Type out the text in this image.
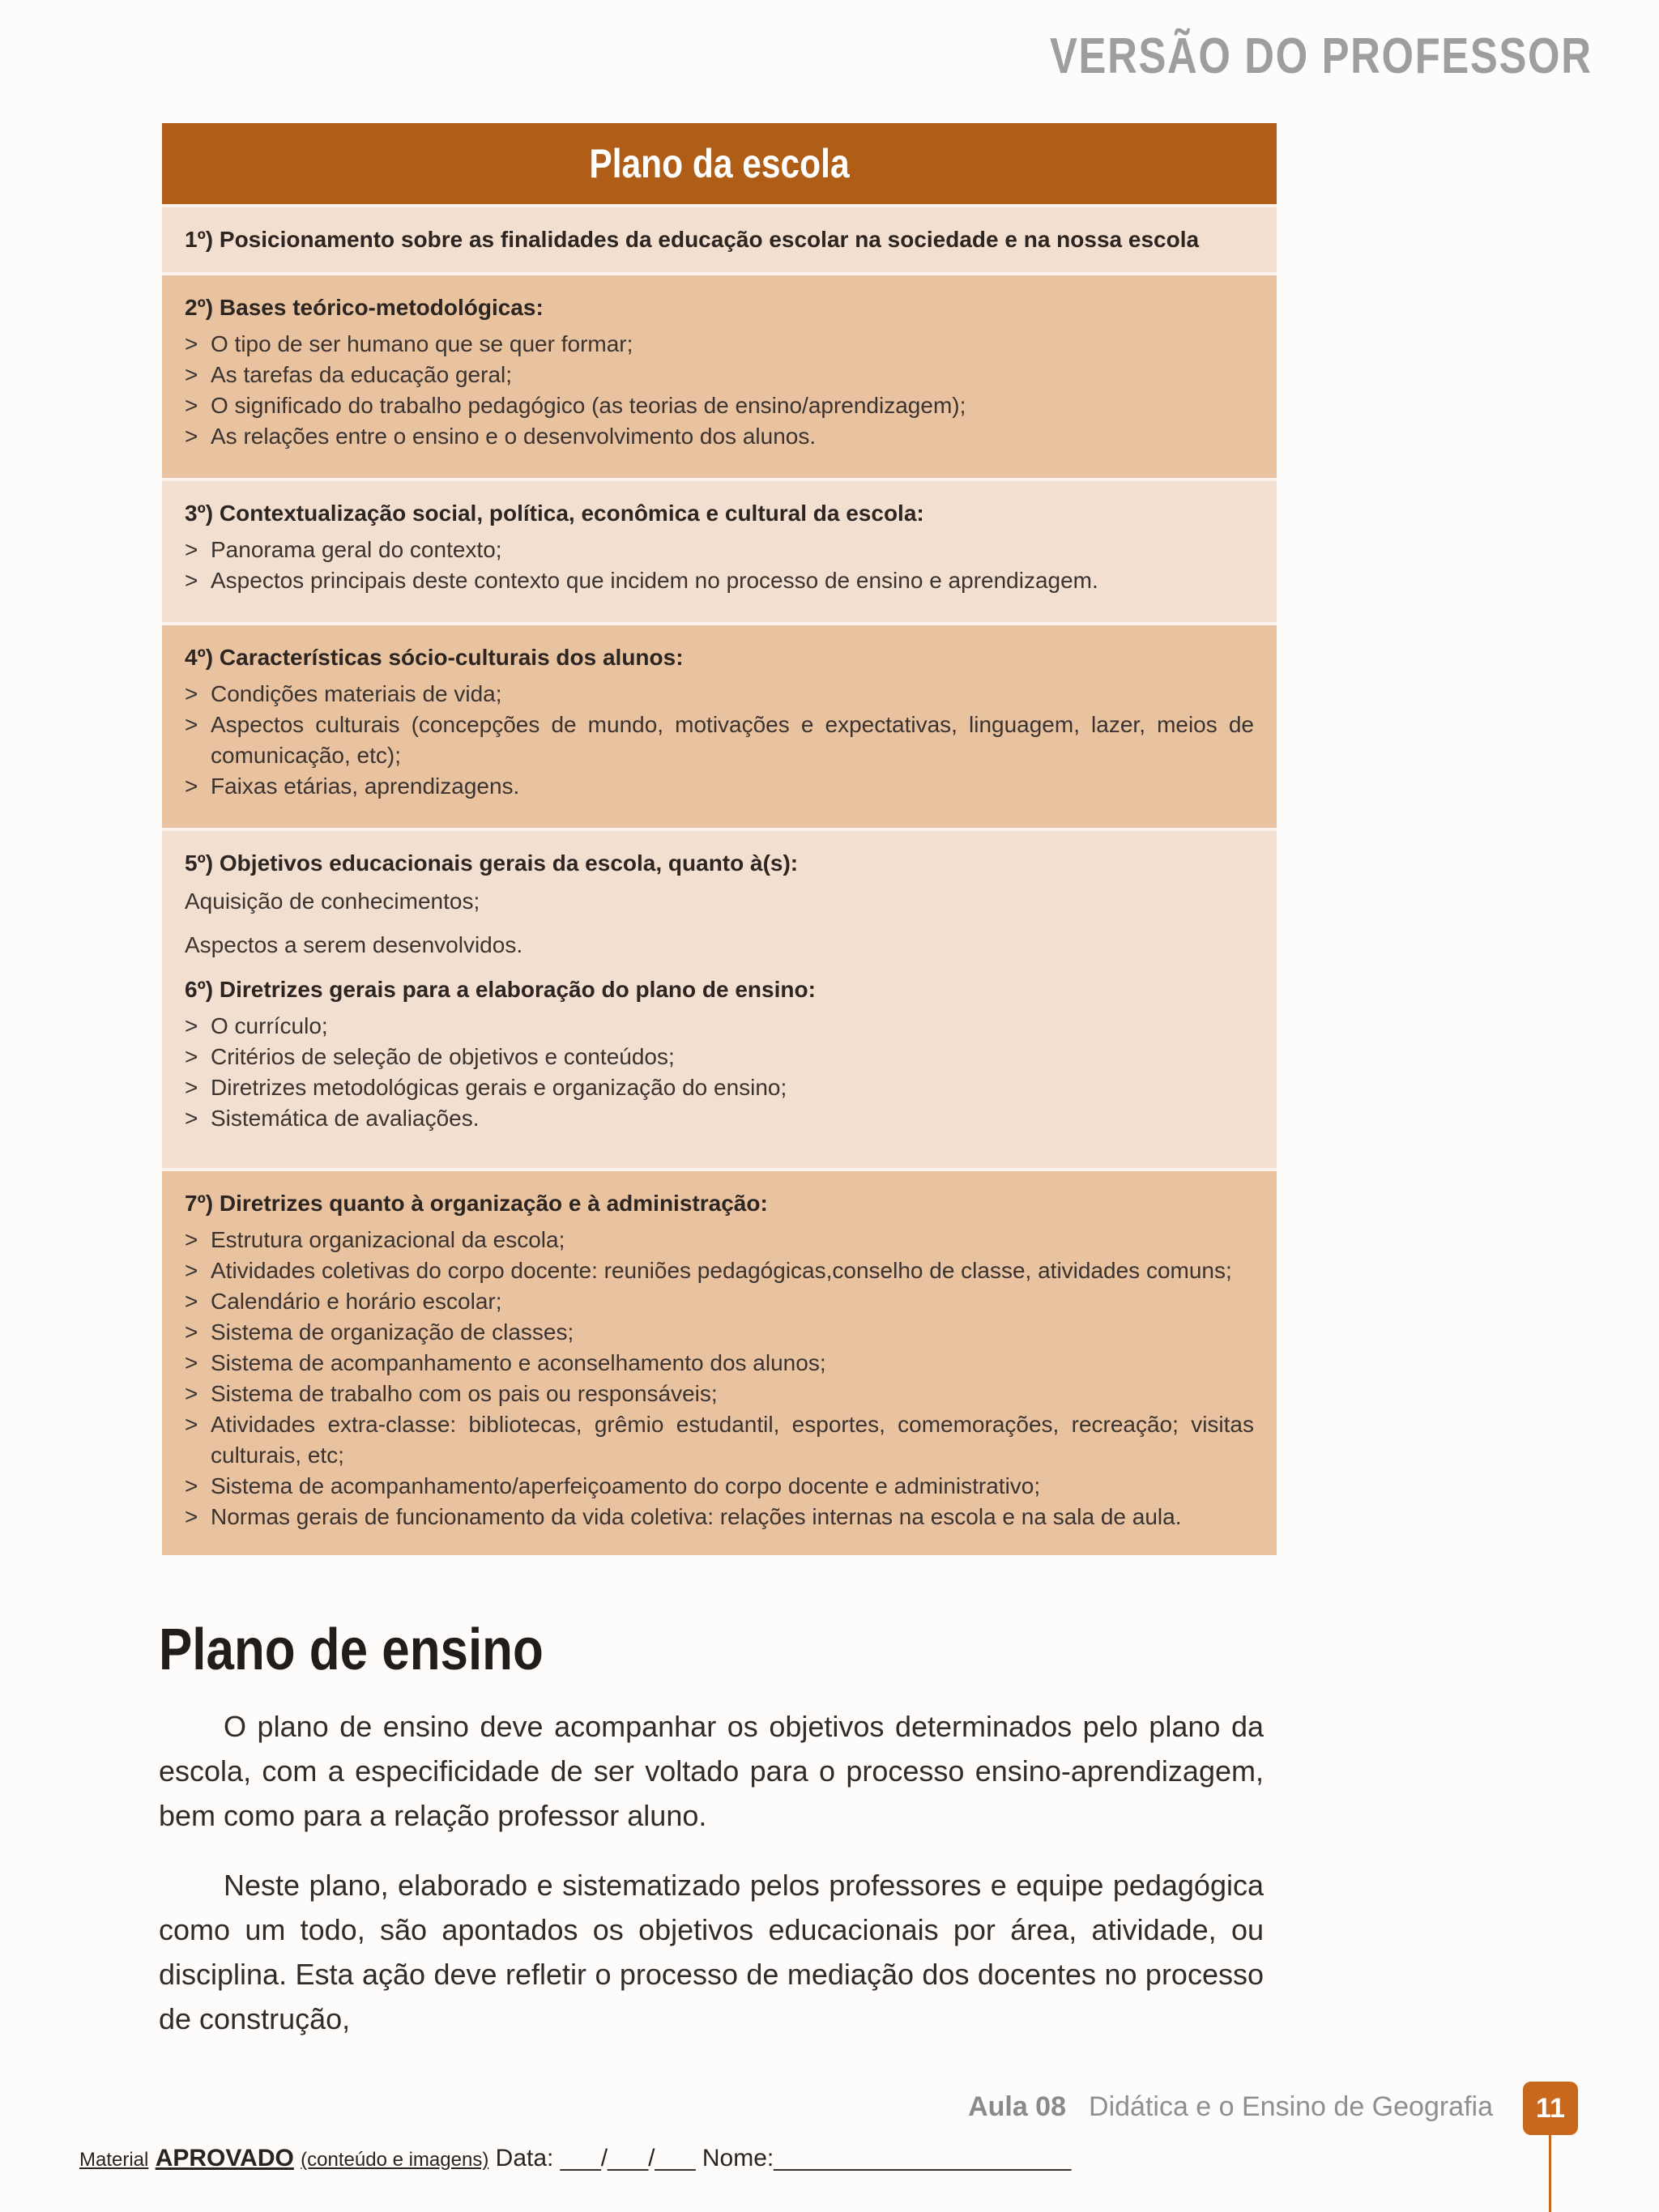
VERSÃO DO PROFESSOR
Plano da escola
1º) Posicionamento sobre as finalidades da educação escolar na sociedade e na nossa escola
2º) Bases teórico-metodológicas:
> O tipo de ser humano que se quer formar;
> As tarefas da educação geral;
> O significado do trabalho pedagógico (as teorias de ensino/aprendizagem);
> As relações entre o ensino e o desenvolvimento dos alunos.
3º) Contextualização social, política, econômica e cultural da escola:
> Panorama geral do contexto;
> Aspectos principais deste contexto que incidem no processo de ensino e aprendizagem.
4º) Características sócio-culturais dos alunos:
> Condições materiais de vida;
> Aspectos culturais (concepções de mundo, motivações e expectativas, linguagem, lazer, meios de comunicação, etc);
> Faixas etárias, aprendizagens.
5º) Objetivos educacionais gerais da escola, quanto à(s):
Aquisição de conhecimentos;
Aspectos a serem desenvolvidos.
6º) Diretrizes gerais para a elaboração do plano de ensino:
> O currículo;
> Critérios de seleção de objetivos e conteúdos;
> Diretrizes metodológicas gerais e organização do ensino;
> Sistemática de avaliações.
7º) Diretrizes quanto à organização e à administração:
> Estrutura organizacional da escola;
> Atividades coletivas do corpo docente: reuniões pedagógicas,conselho de classe, atividades comuns;
> Calendário e horário escolar;
> Sistema de organização de classes;
> Sistema de acompanhamento e aconselhamento dos alunos;
> Sistema de trabalho com os pais ou responsáveis;
> Atividades extra-classe: bibliotecas, grêmio estudantil, esportes, comemorações, recreação; visitas culturais, etc;
> Sistema de acompanhamento/aperfeiçoamento do corpo docente e administrativo;
> Normas gerais de funcionamento da vida coletiva: relações internas na escola e na sala de aula.
Plano de ensino

O plano de ensino deve acompanhar os objetivos determinados pelo plano da escola, com a especificidade de ser voltado para o processo ensino-aprendizagem, bem como para a relação professor aluno.

Neste plano, elaborado e sistematizado pelos professores e equipe pedagógica como um todo, são apontados os objetivos educacionais por área, atividade, ou disciplina. Esta ação deve refletir o processo de mediação dos docentes no processo de construção,

Aula 08 Didática e o Ensino de Geografia	11
Material APROVADO (conteúdo e imagens) Data: ___/___/___ Nome:______________________
